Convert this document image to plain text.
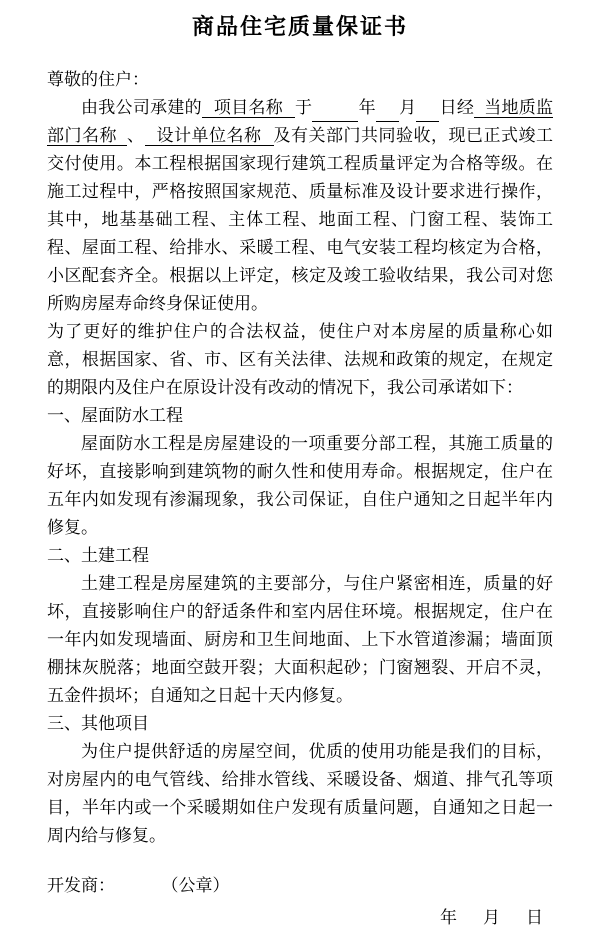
商品住宅质量保证书

尊敬的住户：

由我公司承建的 项目名称 于	年 月 日经 当地质监部门名称 、 设计单位名称 及有关部门共同验收，现已正式竣工交付使用。本工程根据国家现行建筑工程质量评定为合格等级。在施工过程中，严格按照国家规范、质量标准及设计要求进行操作，其中，地基基础工程、主体工程、地面工程、门窗工程、装饰工程、屋面工程、给排水、采暖工程、电气安装工程均核定为合格，小区配套齐全。根据以上评定，核定及竣工验收结果，我公司对您所购房屋寿命终身保证使用。

为了更好的维护住户的合法权益，使住户对本房屋的质量称心如意，根据国家、省、市、区有关法律、法规和政策的规定，在规定的期限内及住户在原设计没有改动的情况下，我公司承诺如下：

一、屋面防水工程

屋面防水工程是房屋建设的一项重要分部工程，其施工质量的好坏，直接影响到建筑物的耐久性和使用寿命。根据规定，住户在五年内如发现有渗漏现象，我公司保证，自住户通知之日起半年内修复。

二、土建工程

土建工程是房屋建筑的主要部分，与住户紧密相连，质量的好坏，直接影响住户的舒适条件和室内居住环境。根据规定，住户在一年内如发现墙面、厨房和卫生间地面、上下水管道渗漏；墙面顶棚抹灰脱落；地面空鼓开裂；大面积起砂；门窗翘裂、开启不灵，五金件损坏；自通知之日起十天内修复。

三、其他项目

为住户提供舒适的房屋空间，优质的使用功能是我们的目标，对房屋内的电气管线、给排水管线、采暖设备、烟道、排气孔等项目，半年内或一个采暖期如住户发现有质量问题，自通知之日起一周内给与修复。

开发商：	（公章）

年 月 日
